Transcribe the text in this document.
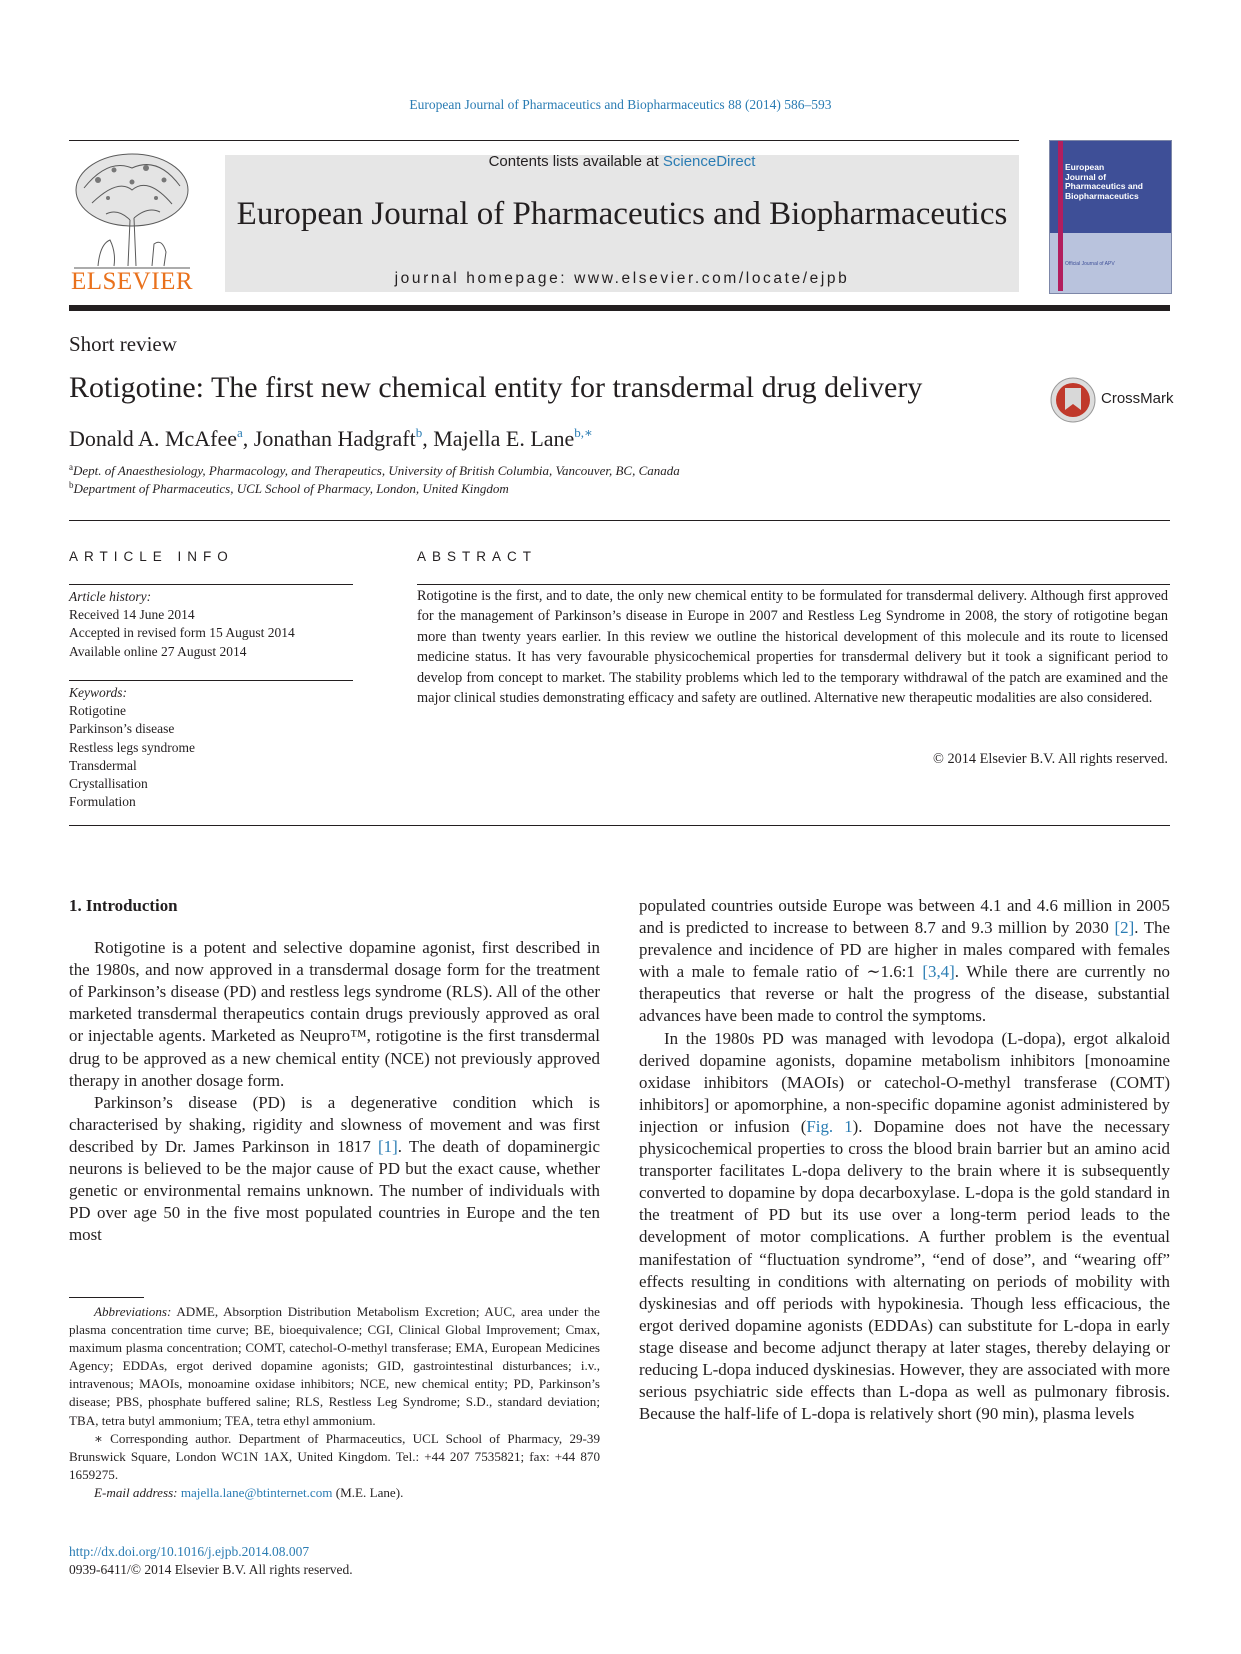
European Journal of Pharmaceutics and Biopharmaceutics 88 (2014) 586–593
ELSEVIER
Contents lists available at ScienceDirect
European Journal of Pharmaceutics and Biopharmaceutics
journal homepage: www.elsevier.com/locate/ejpb
European
Journal of
Pharmaceutics and
Biopharmaceutics
Official Journal of APV
Short review
Rotigotine: The first new chemical entity for transdermal drug delivery	CrossMark
Donald A. McAfee$^a$, Jonathan Hadgraft$^b$, Majella E. Lane$^{b,∗}$
$^a$Dept. of Anaesthesiology, Pharmacology, and Therapeutics, University of British Columbia, Vancouver, BC, Canada
$^b$Department of Pharmaceutics, UCL School of Pharmacy, London, United Kingdom
ARTICLE INFO
Article history:
Received 14 June 2014
Accepted in revised form 15 August 2014
Available online 27 August 2014
Keywords:
Rotigotine
Parkinson’s disease
Restless legs syndrome
Transdermal
Crystallisation
Formulation
ABSTRACT
Rotigotine is the first, and to date, the only new chemical entity to be formulated for transdermal delivery. Although first approved for the management of Parkinson’s disease in Europe in 2007 and Restless Leg Syndrome in 2008, the story of rotigotine began more than twenty years earlier. In this review we outline the historical development of this molecule and its route to licensed medicine status. It has very favourable physicochemical properties for transdermal delivery but it took a significant period to develop from concept to market. The stability problems which led to the temporary withdrawal of the patch are examined and the major clinical studies demonstrating efficacy and safety are outlined. Alternative new therapeutic modalities are also considered.
© 2014 Elsevier B.V. All rights reserved.
1. Introduction

Rotigotine is a potent and selective dopamine agonist, first described in the 1980s, and now approved in a transdermal dosage form for the treatment of Parkinson’s disease (PD) and restless legs syndrome (RLS). All of the other marketed transdermal therapeutics contain drugs previously approved as oral or injectable agents. Marketed as Neupro™, rotigotine is the first transdermal drug to be approved as a new chemical entity (NCE) not previously approved therapy in another dosage form.

Parkinson’s disease (PD) is a degenerative condition which is characterised by shaking, rigidity and slowness of movement and was first described by Dr. James Parkinson in 1817 [1]. The death of dopaminergic neurons is believed to be the major cause of PD but the exact cause, whether genetic or environmental remains unknown. The number of individuals with PD over age 50 in the five most populated countries in Europe and the ten most

Abbreviations: ADME, Absorption Distribution Metabolism Excretion; AUC, area under the plasma concentration time curve; BE, bioequivalence; CGI, Clinical Global Improvement; Cmax, maximum plasma concentration; COMT, catechol-O-methyl transferase; EMA, European Medicines Agency; EDDAs, ergot derived dopamine agonists; GID, gastrointestinal disturbances; i.v., intravenous; MAOIs, monoamine oxidase inhibitors; NCE, new chemical entity; PD, Parkinson’s disease; PBS, phosphate buffered saline; RLS, Restless Leg Syndrome; S.D., standard deviation; TBA, tetra butyl ammonium; TEA, tetra ethyl ammonium.

∗ Corresponding author. Department of Pharmaceutics, UCL School of Pharmacy, 29-39 Brunswick Square, London WC1N 1AX, United Kingdom. Tel.: +44 207 7535821; fax: +44 870 1659275.

E-mail address: majella.lane@btinternet.com (M.E. Lane).

http://dx.doi.org/10.1016/j.ejpb.2014.08.007
0939-6411/© 2014 Elsevier B.V. All rights reserved.

populated countries outside Europe was between 4.1 and 4.6 million in 2005 and is predicted to increase to between 8.7 and 9.3 million by 2030 [2]. The prevalence and incidence of PD are higher in males compared with females with a male to female ratio of ∼1.6:1 [3,4]. While there are currently no therapeutics that reverse or halt the progress of the disease, substantial advances have been made to control the symptoms.

In the 1980s PD was managed with levodopa (L-dopa), ergot alkaloid derived dopamine agonists, dopamine metabolism inhibitors [monoamine oxidase inhibitors (MAOIs) or catechol-O-methyl transferase (COMT) inhibitors] or apomorphine, a non-specific dopamine agonist administered by injection or infusion (Fig. 1). Dopamine does not have the necessary physicochemical properties to cross the blood brain barrier but an amino acid transporter facilitates L-dopa delivery to the brain where it is subsequently converted to dopamine by dopa decarboxylase. L-dopa is the gold standard in the treatment of PD but its use over a long-term period leads to the development of motor complications. A further problem is the eventual manifestation of “fluctuation syndrome”, “end of dose”, and “wearing off” effects resulting in conditions with alternating on periods of mobility with dyskinesias and off periods with hypokinesia. Though less efficacious, the ergot derived dopamine agonists (EDDAs) can substitute for L-dopa in early stage disease and become adjunct therapy at later stages, thereby delaying or reducing L-dopa induced dyskinesias. However, they are associated with more serious psychiatric side effects than L-dopa as well as pulmonary fibrosis. Because the half-life of L-dopa is relatively short (90 min), plasma levels
